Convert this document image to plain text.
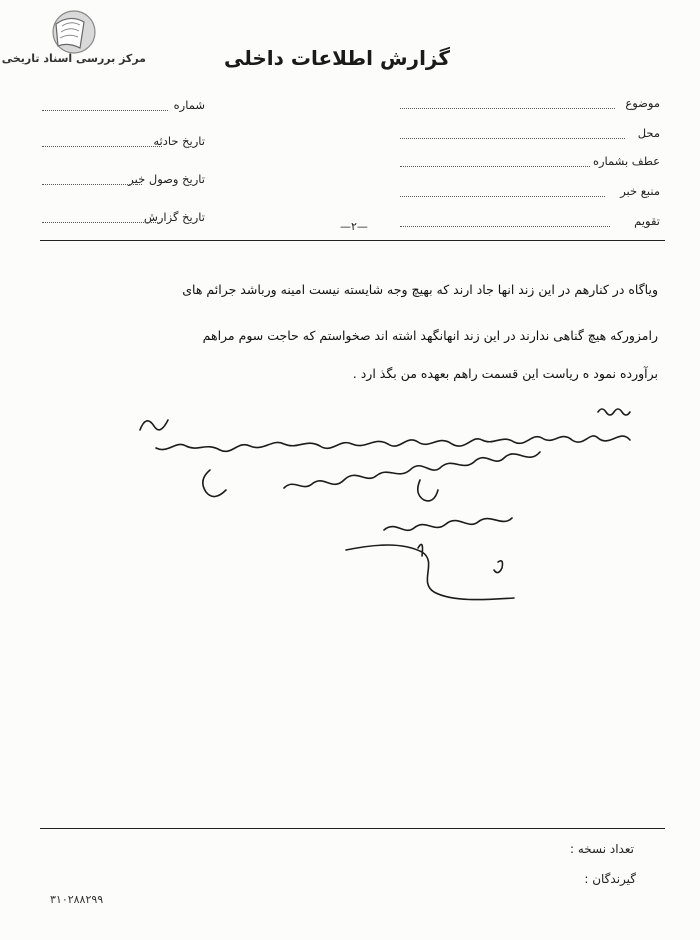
مرکز بررسی اسناد تاریخی	گزارش اطلاعات داخلی
موضوع
محل
عطف بشماره
منبع خبر
تقویم
—۲—
شماره
تاریخ حادثه
تاریخ وصول خبر
تاریخ گزارش
ویاگاه در کنارهم در این زند انها جاد ارند که بهیچ وجه شایسته نیست امینه ورباشد جرائم های
رامزورکه هیچ گناهی ندارند در این زند انهانگهد اشته اند صخواستم که حاجت سوم مراهم
برآورده نمود ه ریاست این قسمت راهم بعهده من بگذ ارد .
تعداد نسخه :
گیرندگان :
۳۱۰۲۸۸۲۹۹
